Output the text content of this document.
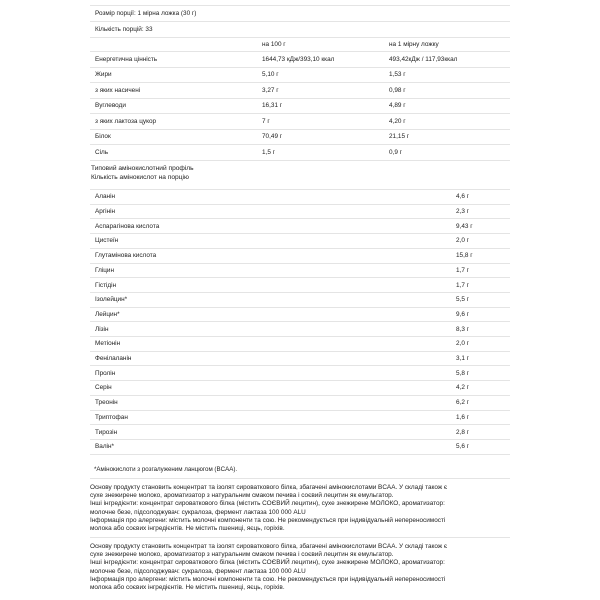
Розмір порції: 1 мірна ложка (30 г)
Кількість порцій: 33
на 100 г	на 1 мірну ложку
Енергетична цінність	1644,73 кДж/393,10 ккал	493,42кДж / 117,93ккал
Жири	5,10 г	1,53 г
з яких насичені	3,27 г	0,98 г
Вуглеводи	16,31 г	4,89 г
з яких лактоза цукор	7 г	4,20 г
Білок	70,49 г	21,15 г
Сіль	1,5 г	0,9 г
Типовий амінокислотний профіль
Кількість амінокислот на порцію
Аланін	4,6 г
Аргінін	2,3 г
Аспарагінова кислота	9,43 г
Цистеїн	2,0 г
Глутамінова кислота	15,8 г
Гліцин	1,7 г
Гістідін	1,7 г
Ізолейцин*	5,5 г
Лейцин*	9,6 г
Лізін	8,3 г
Метіонін	2,0 г
Фенілаланін	3,1 г
Пролін	5,8 г
Серін	4,2 г
Треонін	6,2 г
Триптофан	1,6 г
Тирозін	2,8 г
Валін*	5,6 г
*Амінокислоти з розгалуженим ланцюгом (BCAA).
Основу продукту становить концентрат та ізолят сироваткового білка, збагачені амінокислотами BCAA. У складі також є
сухе знежирене молоко, ароматизатор з натуральним смаком печива і соєвий лецитин як емульгатор.
Інші інгредієнти: концентрат сироваткового білка (містить СОЄВИЙ лецитин), сухе знежирене МОЛОКО, ароматизатор:
молочне безе, підсолоджувач: сукралоза, фермент лактаза 100 000 ALU
Інформація про алергени: містить молочні компоненти та сою. Не рекомендується при індивідуальній непереносимості
молока або соєвих інгредієнтів. Не містить пшениці, яєць, горіхів.
Основу продукту становить концентрат та ізолят сироваткового білка, збагачені амінокислотами BCAA. У складі також є
сухе знежирене молоко, ароматизатор з натуральним смаком печива і соєвий лецитин як емульгатор.
Інші інгредієнти: концентрат сироваткового білка (містить СОЄВИЙ лецитин), сухе знежирене МОЛОКО, ароматизатор:
молочне безе, підсолоджувач: сукралоза, фермент лактаза 100 000 ALU
Інформація про алергени: містить молочні компоненти та сою. Не рекомендується при індивідуальній непереносимості
молока або соєвих інгредієнтів. Не містить пшениці, яєць, горіхів.
